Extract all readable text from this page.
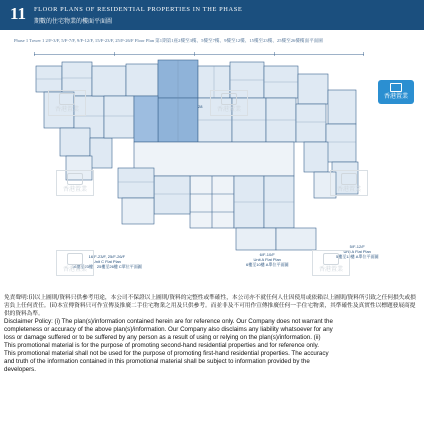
11 FLOOR PLANS OF RESIDENTIAL PROPERTIES IN THE PHASE
期數的住宅物業的樓面平面圖
Phase 1 Tower 1 2/F-3/F, 5/F-7/F, 9/F-12/F, 15/F-23/F, 25/F-26/F Floor Plan 第1期第1座2樓至3樓、5樓至7樓、9樓至12樓、15樓至23樓、25樓至26樓樓面平面圖
28
16/F-23/F, 25/F-26/F
Unit C Flat Plan
16樓至23樓、25樓至26樓 C單位平面圖
6/F-10/F
Unit A Flat Plan
6樓至10樓 A單位平面圖
5/F-12/F
Unit A Flat Plan
5樓至12樓 A單位平面圖
香港置業	香港置業
香港置業	香港置業
香港置業	香港置業
香港置業

免責聲明:(i)以上圖則/資料只供參考用途，本公司不保證以上圖則/資料的完整性或準確性，本公司亦不就任何人仕因使用或依賴以上圖則/資料所引致之任何損失或損害負上任何責任。(ii)本宣傳資料只可作宣傳及推廣二手住宅物業之用及只供參考。而並非及不可用作宣傳推廣任何一手住宅物業，其準確性及真實性以標題發展商提供的資料為準。

Disclaimer Policy: (i) The plan(s)/information contained herein are for reference only. Our Company does not warrant the

completeness or accuracy of the above plan(s)/information. Our Company also disclaims any liability whatsoever for any

loss or damage suffered or to be suffered by any person as a result of using or relying on the plan(s)/information. (ii)

This promotional material is for the purpose of promoting second-hand residential properties and for reference only.

This promotional material shall not be used for the purpose of promoting first-hand residential properties. The accuracy

and truth of the information contained in this promotional material shall be subject to information provided by the

developers.
